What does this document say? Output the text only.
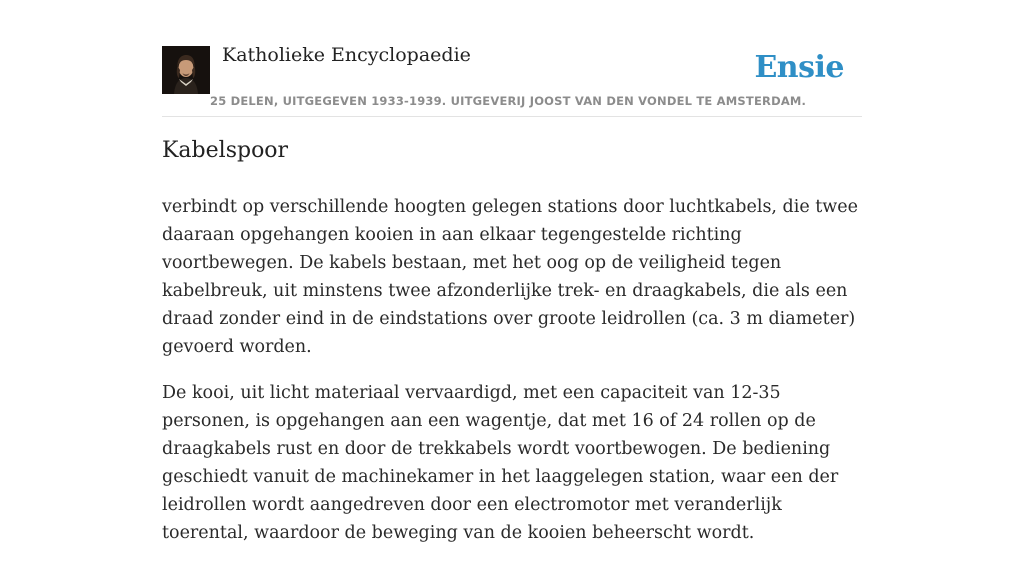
Katholieke Encyclopaedie
25 DELEN, UITGEGEVEN 1933-1939. UITGEVERIJ JOOST VAN DEN VONDEL TE AMSTERDAM.
Ensie
Kabelspoor

verbindt op verschillende hoogten gelegen stations door luchtkabels, die twee daaraan opgehangen kooien in aan elkaar tegengestelde richting voortbewegen. De kabels bestaan, met het oog op de veiligheid tegen kabelbreuk, uit minstens twee afzonderlijke trek- en draagkabels, die als een draad zonder eind in de eindstations over groote leidrollen (ca. 3 m diameter) gevoerd worden.

De kooi, uit licht materiaal vervaardigd, met een capaciteit van 12-35 personen, is opgehangen aan een wagentje, dat met 16 of 24 rollen op de draagkabels rust en door de trekkabels wordt voortbewogen. De bediening geschiedt vanuit de machinekamer in het laaggelegen station, waar een der leidrollen wordt aangedreven door een electromotor met veranderlijk toerental, waardoor de beweging van de kooien beheerscht wordt.
